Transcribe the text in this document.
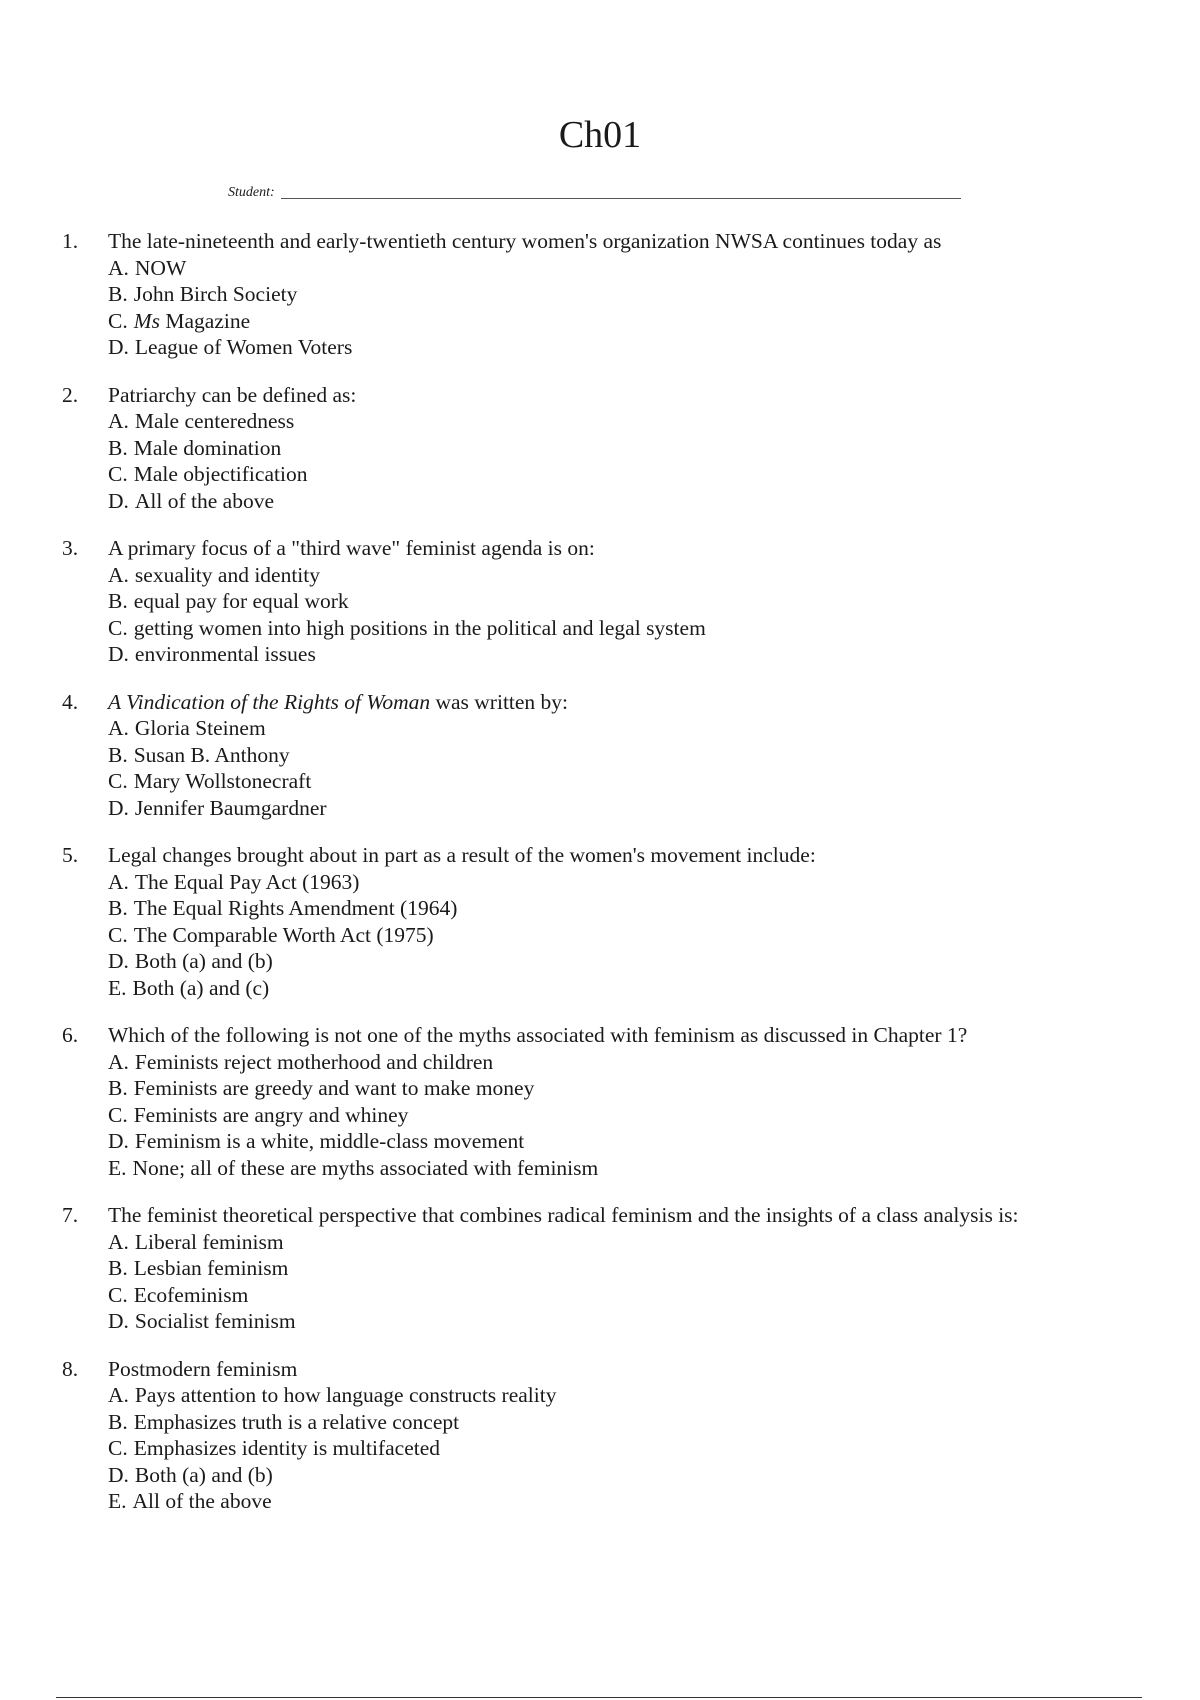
Ch01
Student:
1.	The late-nineteenth and early-twentieth century women's organization NWSA continues today as
A. NOW
B. John Birch Society
C. Ms Magazine
D. League of Women Voters
2.	Patriarchy can be defined as:
A. Male centeredness
B. Male domination
C. Male objectification
D. All of the above
3.	A primary focus of a "third wave" feminist agenda is on:
A. sexuality and identity
B. equal pay for equal work
C. getting women into high positions in the political and legal system
D. environmental issues
4.	A Vindication of the Rights of Woman was written by:
A. Gloria Steinem
B. Susan B. Anthony
C. Mary Wollstonecraft
D. Jennifer Baumgardner
5.	Legal changes brought about in part as a result of the women's movement include:
A. The Equal Pay Act (1963)
B. The Equal Rights Amendment (1964)
C. The Comparable Worth Act (1975)
D. Both (a) and (b)
E. Both (a) and (c)
6.	Which of the following is not one of the myths associated with feminism as discussed in Chapter 1?
A. Feminists reject motherhood and children
B. Feminists are greedy and want to make money
C. Feminists are angry and whiney
D. Feminism is a white, middle-class movement
E. None; all of these are myths associated with feminism
7.	The feminist theoretical perspective that combines radical feminism and the insights of a class analysis is:
A. Liberal feminism
B. Lesbian feminism
C. Ecofeminism
D. Socialist feminism
8.	Postmodern feminism
A. Pays attention to how language constructs reality
B. Emphasizes truth is a relative concept
C. Emphasizes identity is multifaceted
D. Both (a) and (b)
E. All of the above
